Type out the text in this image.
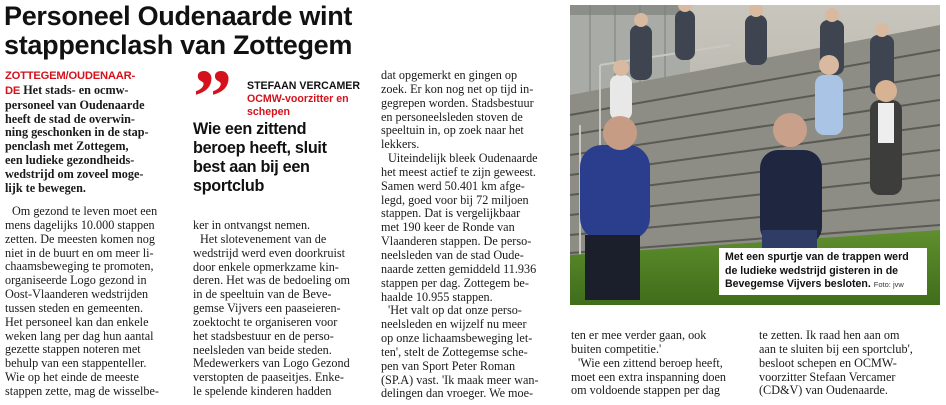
Personeel Oudenaarde wint
stappenclash van Zottegem
ZOTTEGEM/OUDENAAR-
DE Het stads- en ocmw-
personeel van Oudenaarde
heeft de stad de overwin-
ning geschonken in de stap-
penclash met Zottegem,
een ludieke gezondheids-
wedstrijd om zoveel moge-
lijk te bewegen.
” STEFAAN VERCAMER
OCMW-voorzitter en
schepen
Wie een zittend
beroep heeft, sluit
best aan bij een
sportclub
Om gezond te leven moet een
mens dagelijks 10.000 stappen
zetten. De meesten komen nog
niet in de buurt en om meer li-
chaamsbeweging te promoten,
organiseerde Logo gezond in
Oost-Vlaanderen wedstrijden
tussen steden en gemeenten.
Het personeel kan dan enkele
weken lang per dag hun aantal
gezette stappen noteren met
behulp van een stappenteller.
Wie op het einde de meeste
stappen zette, mag de wisselbe-
ker in ontvangst nemen.
Het slotevenement van de
wedstrijd werd even doorkruist
door enkele opmerkzame kin-
deren. Het was de bedoeling om
in de speeltuin van de Beve-
gemse Vijvers een paaseieren-
zoektocht te organiseren voor
het stadsbestuur en de perso-
neelsleden van beide steden.
Medewerkers van Logo Gezond
verstopten de paaseitjes. Enke-
le spelende kinderen hadden
dat opgemerkt en gingen op
zoek. Er kon nog net op tijd in-
gegrepen worden. Stadsbestuur
en personeelsleden stoven de
speeltuin in, op zoek naar het
lekkers.
Uiteindelijk bleek Oudenaarde
het meest actief te zijn geweest.
Samen werd 50.401 km afge-
legd, goed voor bij 72 miljoen
stappen. Dat is vergelijkbaar
met 190 keer de Ronde van
Vlaanderen stappen. De perso-
neelsleden van de stad Oude-
naarde zetten gemiddeld 11.936
stappen per dag. Zottegem be-
haalde 10.955 stappen.
'Het valt op dat onze perso-
neelsleden en wijzelf nu meer
op onze lichaamsbeweging let-
ten', stelt de Zottegemse sche-
pen van Sport Peter Roman
(SP.A) vast. 'Ik maak meer wan-
delingen dan vroeger. We moe-
ten er mee verder gaan, ook
buiten competitie.'
'Wie een zittend beroep heeft,
moet een extra inspanning doen
om voldoende stappen per dag
te zetten. Ik raad hen aan om
aan te sluiten bij een sportclub',
besloot schepen en OCMW-
voorzitter Stefaan Vercamer
(CD&V) van Oudenaarde.
Met een spurtje van de trappen werd
de ludieke wedstrijd gisteren in de
Bevegemse Vijvers besloten. Foto: jvw
